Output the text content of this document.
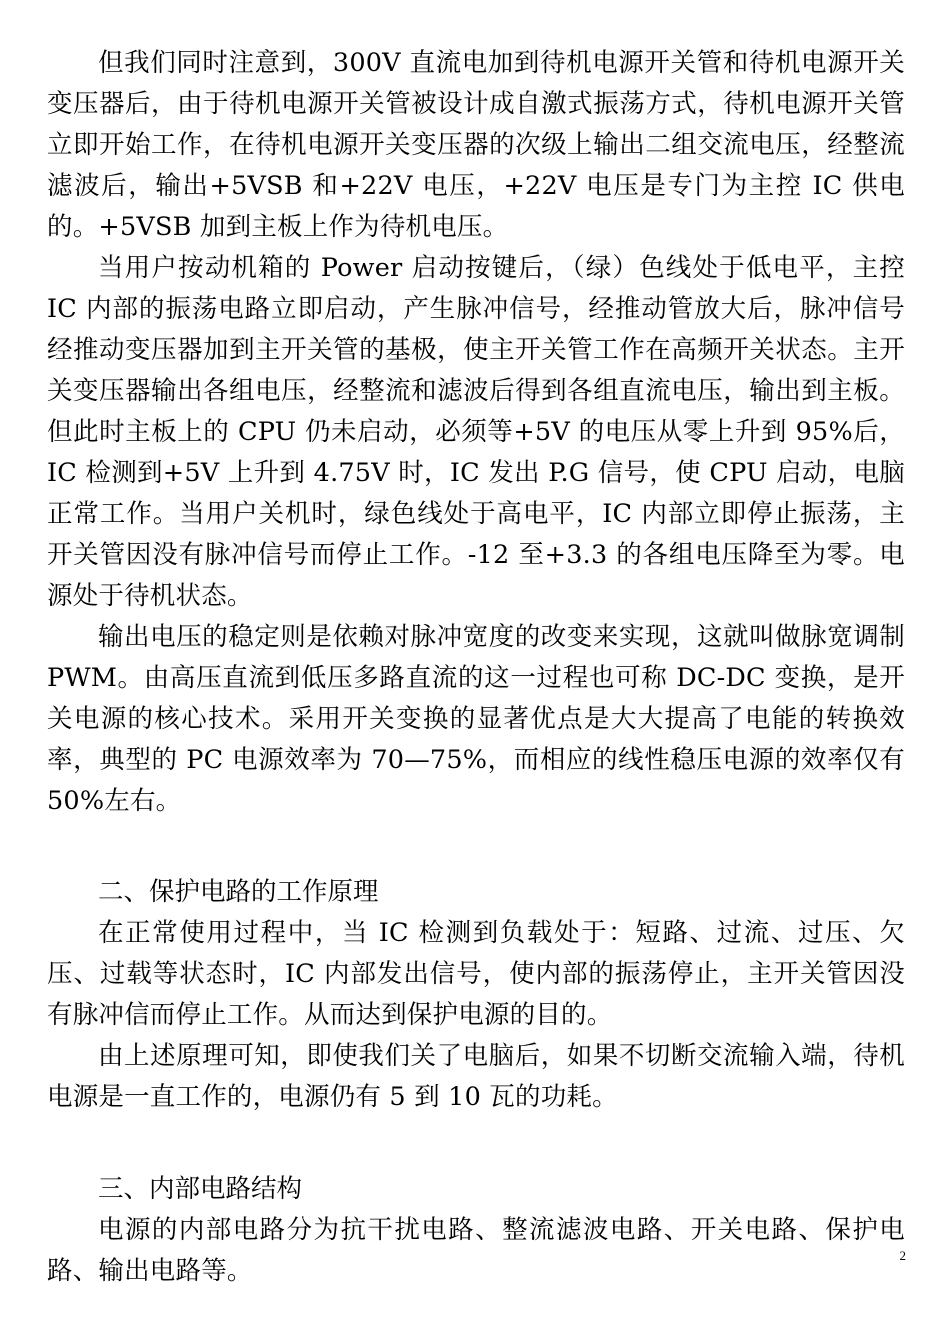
但我们同时注意到，300V 直流电加到待机电源开关管和待机电源开关变压器后，由于待机电源开关管被设计成自激式振荡方式，待机电源开关管立即开始工作，在待机电源开关变压器的次级上输出二组交流电压，经整流滤波后，输出+5VSB 和+22V 电压，+22V 电压是专门为主控 IC 供电的。+5VSB 加到主板上作为待机电压。

当用户按动机箱的 Power 启动按键后，（绿）色线处于低电平，主控 IC 内部的振荡电路立即启动，产生脉冲信号，经推动管放大后，脉冲信号经推动变压器加到主开关管的基极，使主开关管工作在高频开关状态。主开关变压器输出各组电压，经整流和滤波后得到各组直流电压，输出到主板。但此时主板上的 CPU 仍未启动，必须等+5V 的电压从零上升到 95%后，IC 检测到+5V 上升到 4.75V 时，IC 发出 P.G 信号，使 CPU 启动，电脑正常工作。当用户关机时，绿色线处于高电平，IC 内部立即停止振荡，主开关管因没有脉冲信号而停止工作。-12 至+3.3 的各组电压降至为零。电源处于待机状态。

输出电压的稳定则是依赖对脉冲宽度的改变来实现，这就叫做脉宽调制 PWM。由高压直流到低压多路直流的这一过程也可称 DC-DC 变换，是开关电源的核心技术。采用开关变换的显著优点是大大提高了电能的转换效率，典型的 PC 电源效率为 70—75%，而相应的线性稳压电源的效率仅有 50%左右。

二、保护电路的工作原理

在正常使用过程中，当 IC 检测到负载处于：短路、过流、过压、欠压、过载等状态时，IC 内部发出信号，使内部的振荡停止，主开关管因没有脉冲信而停止工作。从而达到保护电源的目的。

由上述原理可知，即使我们关了电脑后，如果不切断交流输入端，待机电源是一直工作的，电源仍有 5 到 10 瓦的功耗。

三、内部电路结构

电源的内部电路分为抗干扰电路、整流滤波电路、开关电路、保护电路、输出电路等。

2
